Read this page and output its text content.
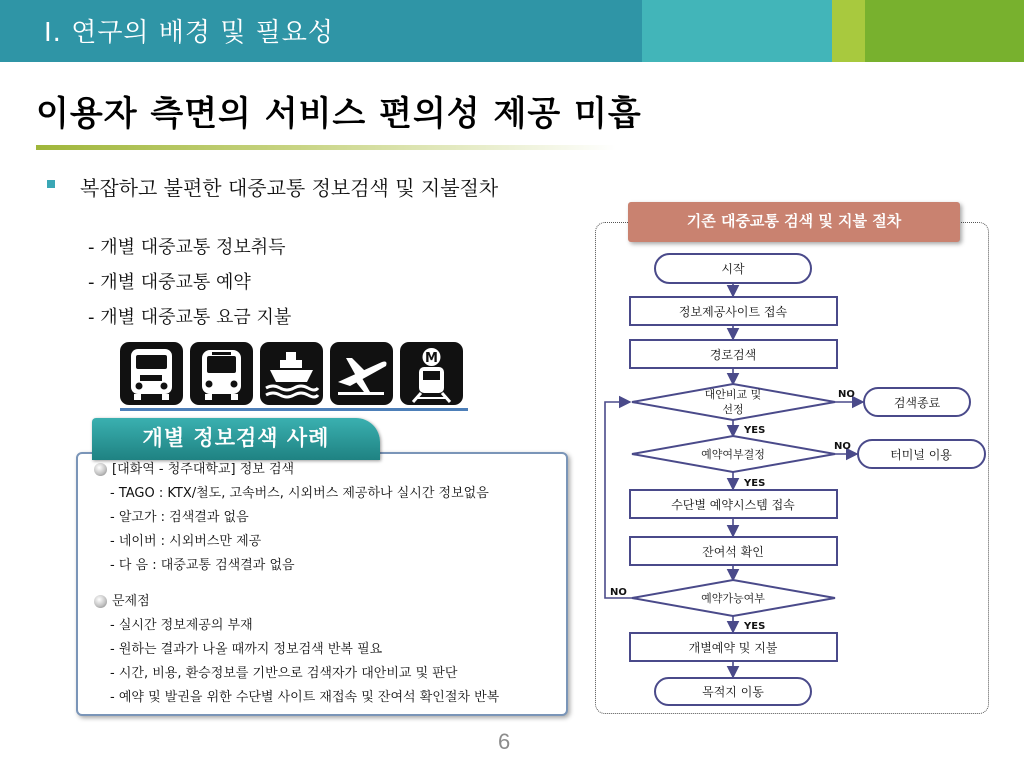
Ⅰ. 연구의 배경 및 필요성
이용자 측면의 서비스 편의성 제공 미흡
복잡하고 불편한 대중교통 정보검색 및 지불절차
- 개별 대중교통 정보취득
- 개별 대중교통 예약
- 개별 대중교통 요금 지불
M
[대화역 - 청주대학교] 정보 검색
- TAGO : KTX/철도, 고속버스, 시외버스 제공하나 실시간 정보없음
- 알고가 : 검색결과 없음
- 네이버 : 시외버스만 제공
- 다 음 : 대중교통 검색결과 없음
문제점
- 실시간 정보제공의 부재
- 원하는 결과가 나올 때까지 정보검색 반복 필요
- 시간, 비용, 환승정보를 기반으로 검색자가 대안비교 및 판단
- 예약 및 발권을 위한 수단별 사이트 재접속 및 잔여석 확인절차 반복
개별 정보검색 사례
시작
정보제공사이트 접속
경로검색
대안비교 및
선정	검색종료
예약여부결정	터미널 이용
수단별 예약시스템 접속
잔여석 확인
예약가능여부
개별예약 및 지불
목적지 이동
NO
YES
NO
YES
NO
YES
기존 대중교통 검색 및 지불 절차
6
